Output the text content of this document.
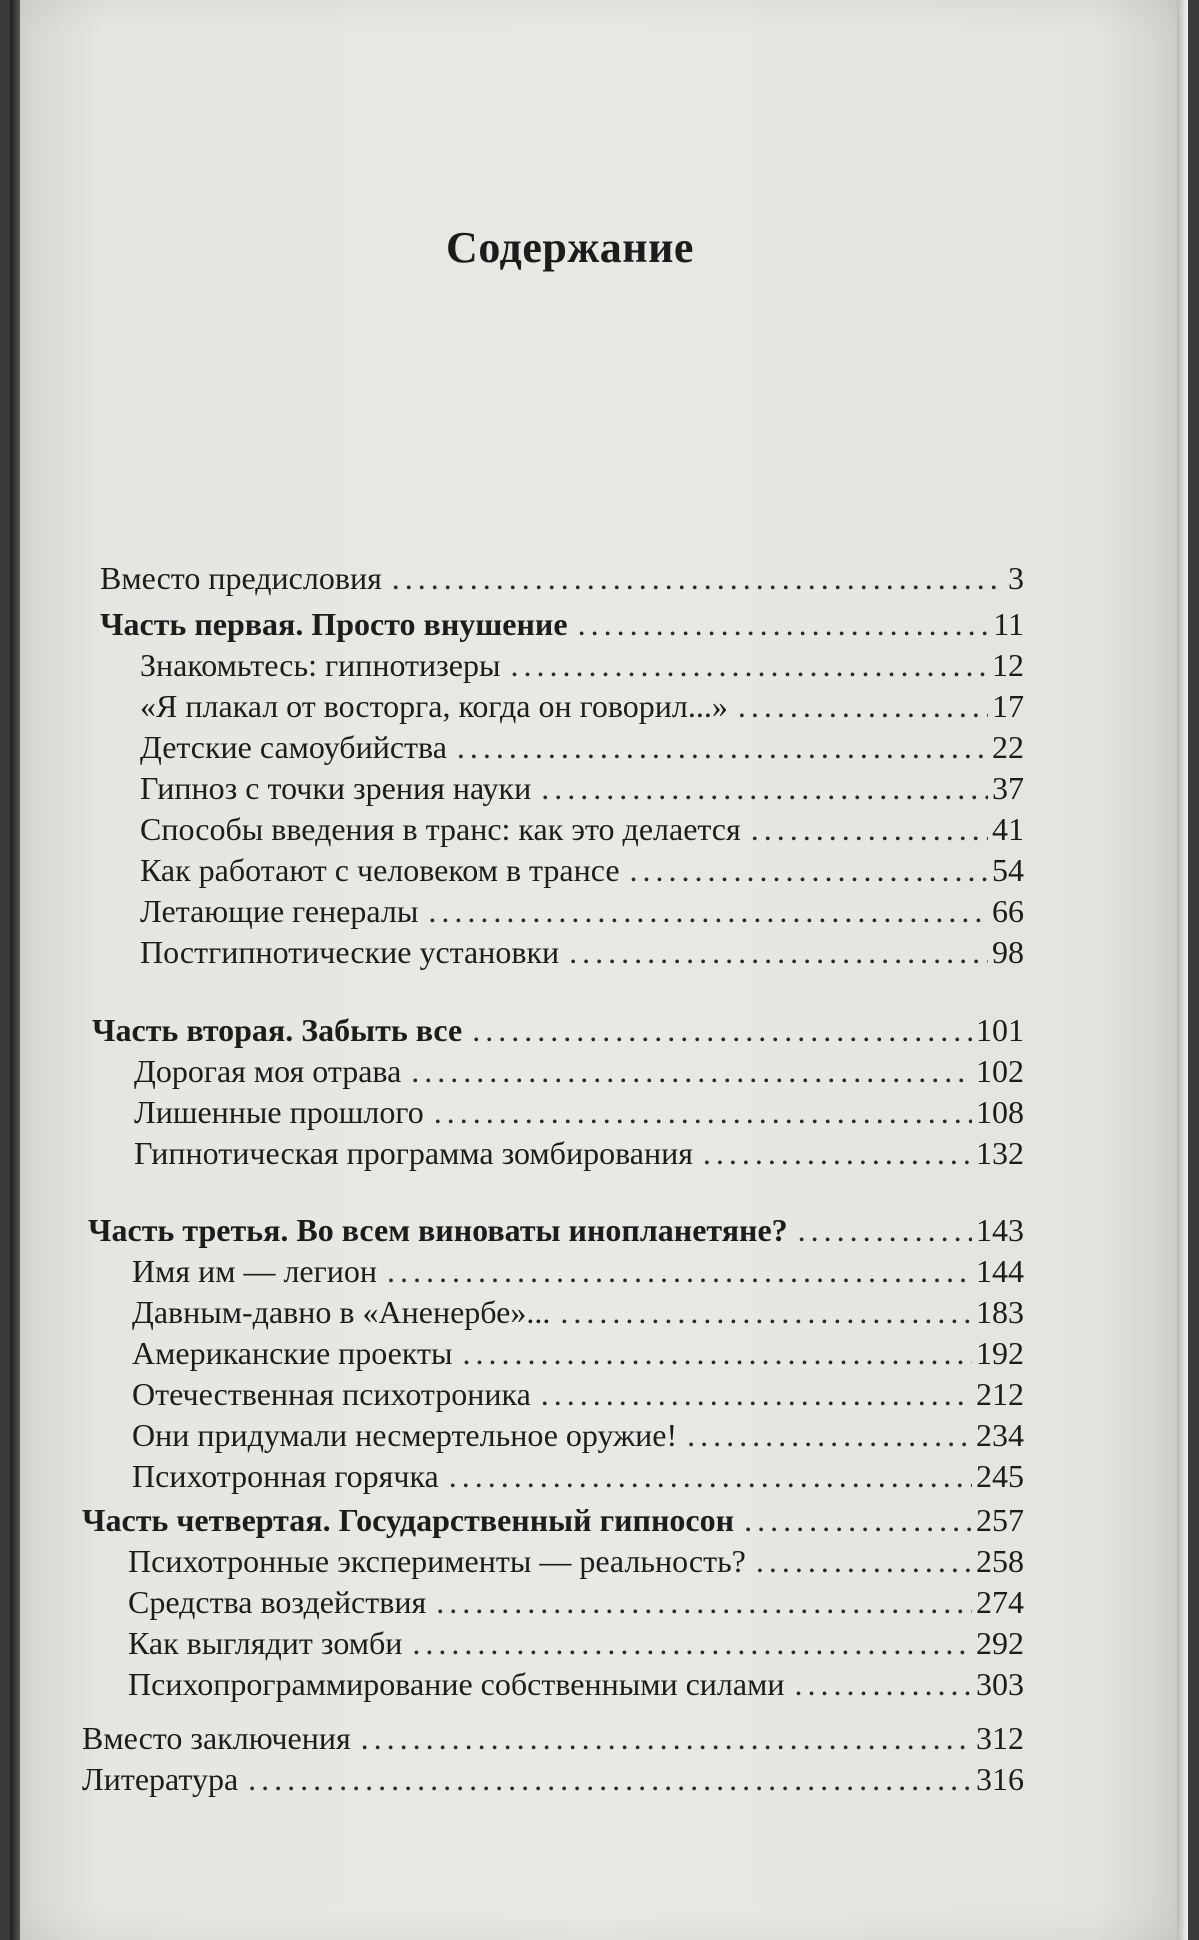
Содержание
Вместо предисловия .....	3
Часть первая. Просто внушение .....	11
Знакомьтесь: гипнотизеры .....	12
«Я плакал от восторга, когда он говорил...» .....	17
Детские самоубийства .....	22
Гипноз с точки зрения науки .....	37
Способы введения в транс: как это делается .....	41
Как работают с человеком в трансе .....	54
Летающие генералы .....	66
Постгипнотические установки .....	98
Часть вторая. Забыть все .....	101
Дорогая моя отрава .....	102
Лишенные прошлого .....	108
Гипнотическая программа зомбирования .....	132
Часть третья. Во всем виноваты инопланетяне? .....	143
Имя им — легион .....	144
Давным-давно в «Аненербе»... .....	183
Американские проекты .....	192
Отечественная психотроника .....	212
Они придумали несмертельное оружие! .....	234
Психотронная горячка .....	245
Часть четвертая. Государственный гипносон .....	257
Психотронные эксперименты — реальность? .....	258
Средства воздействия .....	274
Как выглядит зомби .....	292
Психопрограммирование собственными силами .....	303
Вместо заключения .....	312
Литература .....	316
